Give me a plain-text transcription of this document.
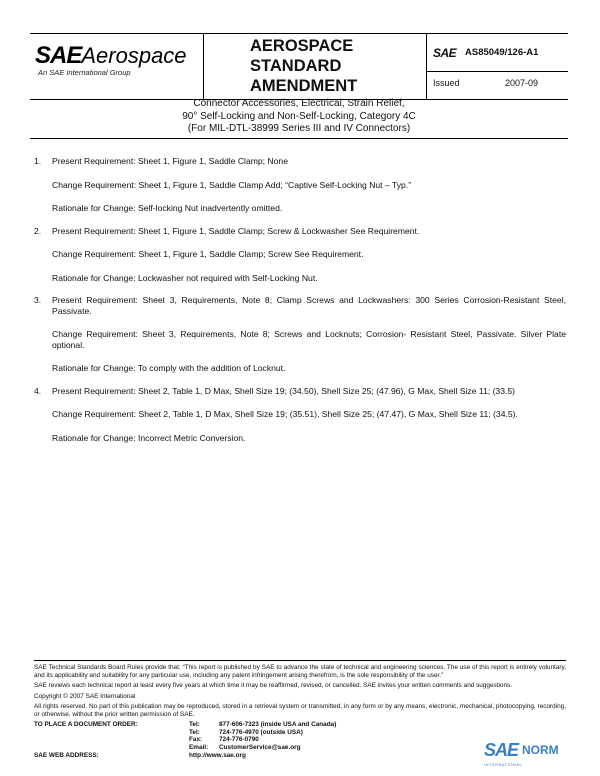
SAEAerospace
An SAE International Group
AEROSPACE
STANDARD
AMENDMENT
SAE AS85049/126-A1
Issued	2007-09
Connector Accessories, Electrical, Strain Relief,
90° Self-Locking and Non-Self-Locking, Category 4C
(For MIL-DTL-38999 Series III and IV Connectors)
1. Present Requirement: Sheet 1, Figure 1, Saddle Clamp; None
Change Requirement: Sheet 1, Figure 1, Saddle Clamp Add; “Captive Self-Locking Nut – Typ.”
Rationale for Change: Self-locking Nut inadvertently omitted.
2. Present Requirement: Sheet 1, Figure 1, Saddle Clamp; Screw & Lockwasher See Requirement.
Change Requirement: Sheet 1, Figure 1, Saddle Clamp; Screw See Requirement.
Rationale for Change: Lockwasher not required with Self-Locking Nut.
3. Present Requirement: Sheet 3, Requirements, Note 8; Clamp Screws and Lockwashers: 300 Series Corrosion-Resistant Steel, Passivate.
Change Requirement: Sheet 3, Requirements, Note 8; Screws and Locknuts; Corrosion- Resistant Steel, Passivate. Silver Plate optional.
Rationale for Change: To comply with the addition of Locknut.
4. Present Requirement: Sheet 2, Table 1, D Max, Shell Size 19; (34.50), Shell Size 25; (47.96), G Max, Shell Size 11; (33.5)
Change Requirement: Sheet 2, Table 1, D Max, Shell Size 19; (35.51), Shell Size 25; (47.47), G Max, Shell Size 11; (34.5).
Rationale for Change: Incorrect Metric Conversion.

SAE Technical Standards Board Rules provide that: “This report is published by SAE to advance the state of technical and engineering sciences. The use of this report is entirely voluntary, and its applicability and suitability for any particular use, including any patent infringement arising therefrom, is the sole responsibility of the user.”

SAE reviews each technical report at least every five years at which time it may be reaffirmed, revised, or cancelled. SAE invites your written comments and suggestions.

Copyright © 2007 SAE International

All rights reserved. No part of this publication may be reproduced, stored in a retrieval system or transmitted, in any form or by any means, electronic, mechanical, photocopying, recording, or otherwise, without the prior written permission of SAE.

TO PLACE A DOCUMENT ORDER:	Tel:	877-606-7323 (inside USA and Canada)
Tel:	724-776-4970 (outside USA)
Fax:	724-776-0790
Email: CustomerService@sae.org
SAE WEB ADDRESS:	http://www.sae.org	SAE NORM
INTERNATIONAL
